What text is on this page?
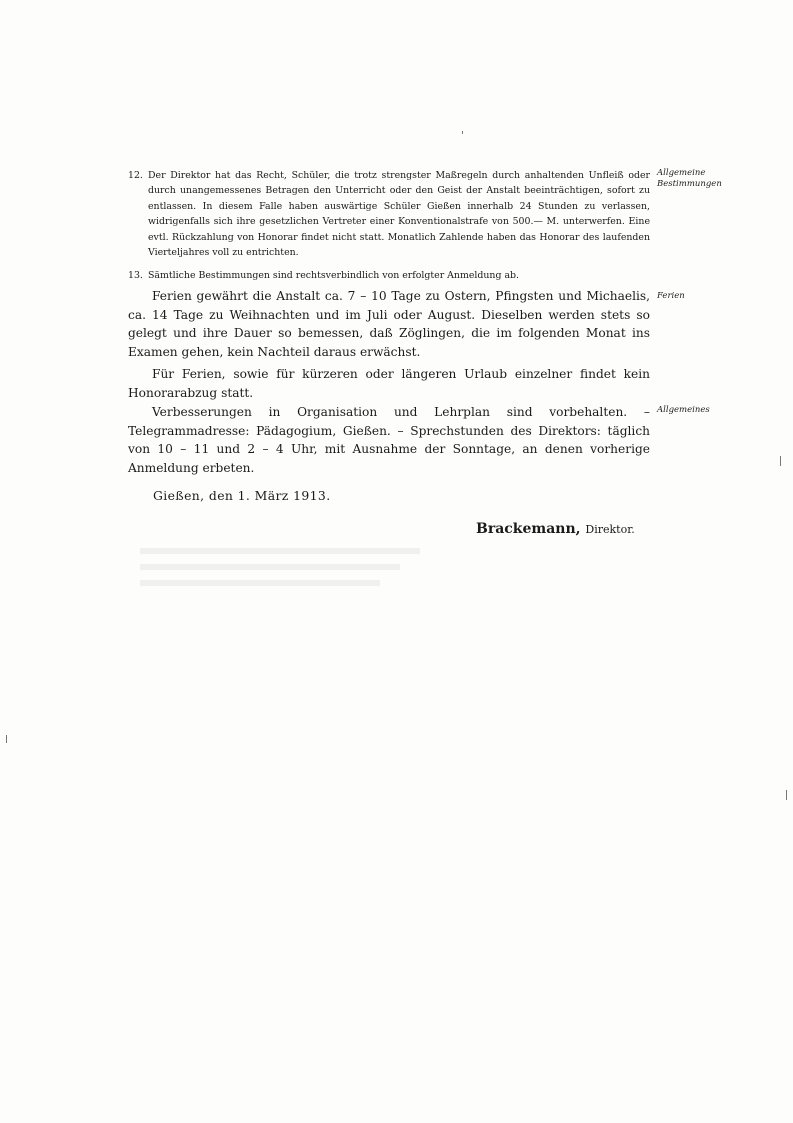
12. Der Direktor hat das Recht, Schüler, die trotz strengster Maßregeln durch anhaltenden Unfleiß oder durch unangemessenes Betragen den Unterricht oder den Geist der Anstalt beeinträchtigen, sofort zu entlassen. In diesem Falle haben auswärtige Schüler Gießen innerhalb 24 Stunden zu verlassen, widrigenfalls sich ihre gesetzlichen Vertreter einer Konventionalstrafe von 500.— M. unterwerfen. Eine evtl. Rückzahlung von Honorar findet nicht statt. Monatlich Zahlende haben das Honorar des laufenden Vierteljahres voll zu entrichten.
Allgemeine Bestimmungen
13. Sämtliche Bestimmungen sind rechtsverbindlich von erfolgter Anmeldung ab.

Ferien gewährt die Anstalt ca. 7 – 10 Tage zu Ostern, Pfingsten und Michaelis, ca. 14 Tage zu Weihnachten und im Juli oder August. Dieselben werden stets so gelegt und ihre Dauer so bemessen, daß Zöglingen, die im folgenden Monat ins Examen gehen, kein Nachteil daraus erwächst.

Ferien

Für Ferien, sowie für kürzeren oder längeren Urlaub einzelner findet kein Honorarabzug statt.

Verbesserungen in Organisation und Lehrplan sind vorbehalten. – Telegrammadresse: Pädagogium, Gießen. – Sprechstunden des Direktors: täglich von 10 – 11 und 2 – 4 Uhr, mit Ausnahme der Sonntage, an denen vorherige Anmeldung erbeten.

Allgemeines
Gießen, den 1. März 1913.
Brackemann, Direktor.
